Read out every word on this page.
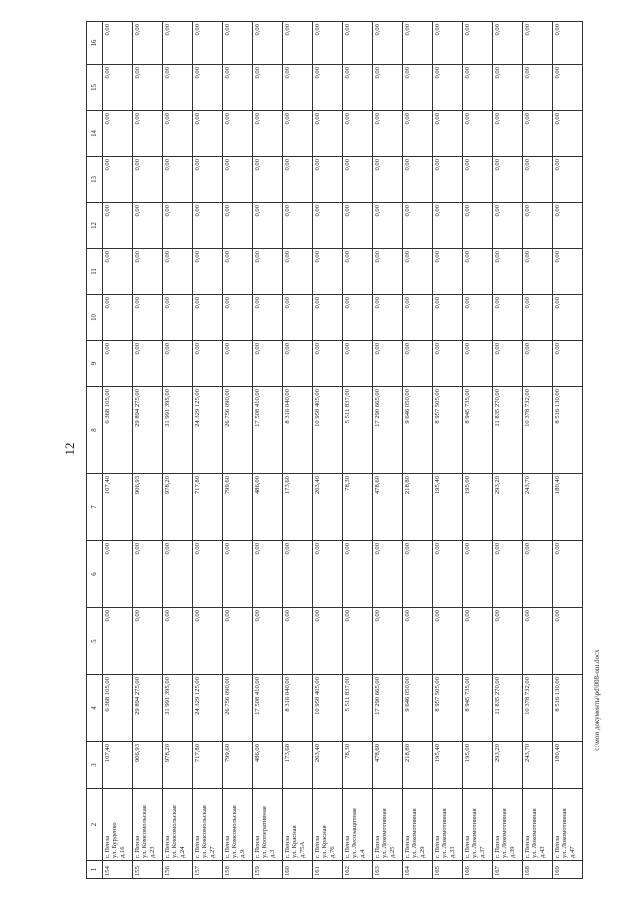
12
1	2	3	4	5	6	7	8	9	10	11	12	13	14	15	16
154	г. Пенза ул. Бурденко д.16	107,40	6 368 105,00	0,00	0,00	107,40	6 368 105,00	0,00	0,00	0,00	0,00	0,00	0,00	0,00	0,00
155	г. Пенза ул. Комсомольская д.23	906,93	29 894 275,00	0,00	0,00	906,93	29 894 275,00	0,00	0,00	0,00	0,00	0,00	0,00	0,00	0,00
156	г. Пенза ул. Комсомольская д.24	978,20	31 991 395,00	0,00	0,00	978,20	31 991 395,00	0,00	0,00	0,00	0,00	0,00	0,00	0,00	0,00
157	г. Пенза ул. Комсомольская д.27	717,80	24 329 125,00	0,00	0,00	717,80	24 329 125,00	0,00	0,00	0,00	0,00	0,00	0,00	0,00	0,00
158	г. Пенза ул. Комсомольская д.9	799,60	26 756 090,00	0,00	0,00	799,60	26 756 090,00	0,00	0,00	0,00	0,00	0,00	0,00	0,00	0,00
159	г. Пенза ул. Кооперативная д.3	486,00	17 508 410,00	0,00	0,00	486,00	17 508 410,00	0,00	0,00	0,00	0,00	0,00	0,00	0,00	0,00
160	г. Пенза ул. Красная д.75А	173,60	8 316 040,00	0,00	0,00	173,60	8 316 040,00	0,00	0,00	0,00	0,00	0,00	0,00	0,00	0,00
161	г. Пенза ул. Красная д.76	263,40	10 958 405,00	0,00	0,00	263,40	10 958 405,00	0,00	0,00	0,00	0,00	0,00	0,00	0,00	0,00
162	г. Пенза ул. Лесозащитная д.4	78,30	5 511 837,00	0,00	0,00	78,30	5 511 837,00	0,00	0,00	0,00	0,00	0,00	0,00	0,00	0,00
163	г. Пенза ул. Локомотивная д.25	478,60	17 290 665,00	0,00	0,00	478,60	17 290 665,00	0,00	0,00	0,00	0,00	0,00	0,00	0,00	0,00
164	г. Пенза ул. Локомотивная д.29	218,80	9 646 050,00	0,00	0,00	218,80	9 646 050,00	0,00	0,00	0,00	0,00	0,00	0,00	0,00	0,00
165	г. Пенза ул. Локомотивная д.33	195,40	8 957 505,00	0,00	0,00	195,40	8 957 505,00	0,00	0,00	0,00	0,00	0,00	0,00	0,00	0,00
166	г. Пенза ул. Локомотивная д.37	195,00	8 945 735,00	0,00	0,00	195,00	8 945 735,00	0,00	0,00	0,00	0,00	0,00	0,00	0,00	0,00
167	г. Пенза ул. Локомотивная д.39	293,20	11 835 270,00	0,00	0,00	293,20	11 835 270,00	0,00	0,00	0,00	0,00	0,00	0,00	0,00	0,00
168	г. Пенза ул. Локомотивная д.43	243,70	10 378 732,00	0,00	0,00	243,70	10 378 732,00	0,00	0,00	0,00	0,00	0,00	0,00	0,00	0,00
169	г. Пенза ул. Локомотивная д.47	180,40	8 516 130,00	0,00	0,00	180,40	8 516 130,00	0,00	0,00	0,00	0,00	0,00	0,00	0,00	0,00
c:\мои документы\pd\008-ош.docx
